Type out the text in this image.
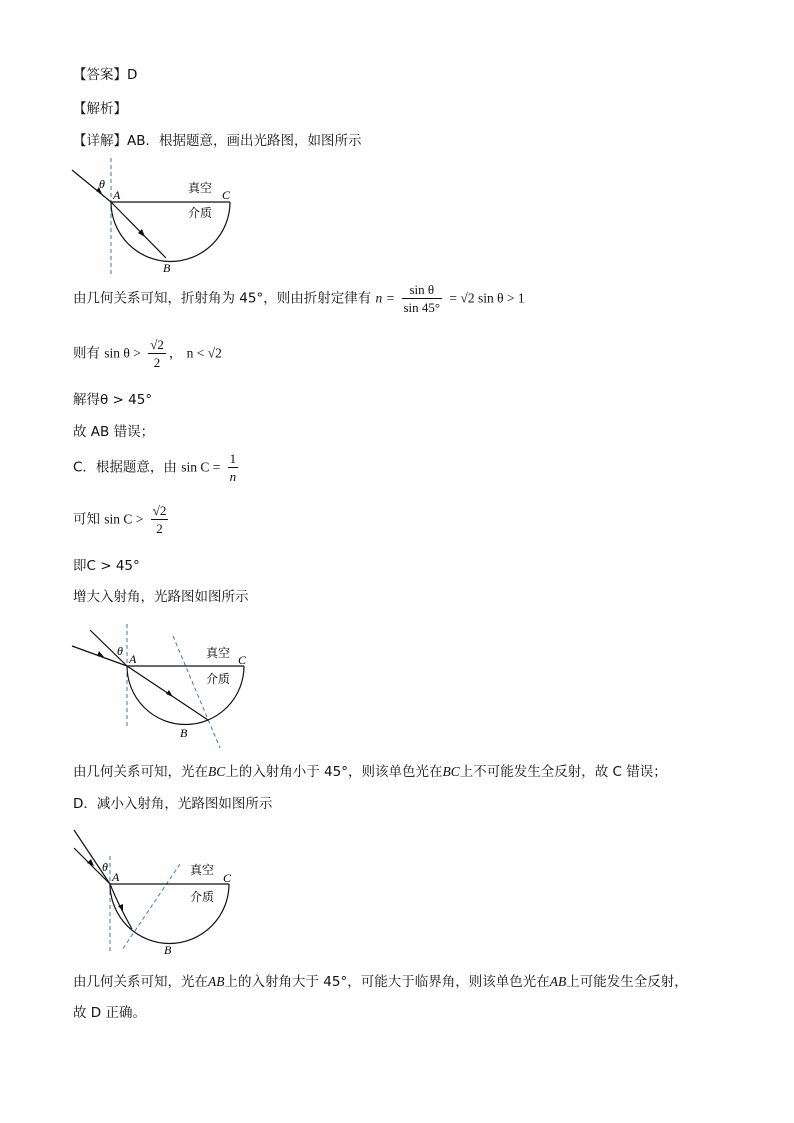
【答案】D
【解析】
【详解】AB．根据题意，画出光路图，如图所示
θ
A	C
B
真空
介质
由几何关系可知，折射角为 45°，则由折射定律有 $n = \frac{\text{sin θ}}{\sin 45^\circ} = √2$ sin θ > 1
则有 $\sin \theta > \frac{√2}{2}$ ， n < √2
解得θ > 45°
故 AB 错误；
C．根据题意，由 $\sin C = \frac{1}{n}$
可知 $\sin C > \frac{√2}{2}$
即C > 45°
增大入射角，光路图如图所示
θ
A	C
B
真空
介质
由几何关系可知，光在BC上的入射角小于 45°，则该单色光在BC上不可能发生全反射，故 C 错误；
D．减小入射角，光路图如图所示
θ
A	C
B
真空
介质
由几何关系可知，光在AB上的入射角大于 45°，可能大于临界角，则该单色光在AB上可能发生全反射，
故 D 正确。
